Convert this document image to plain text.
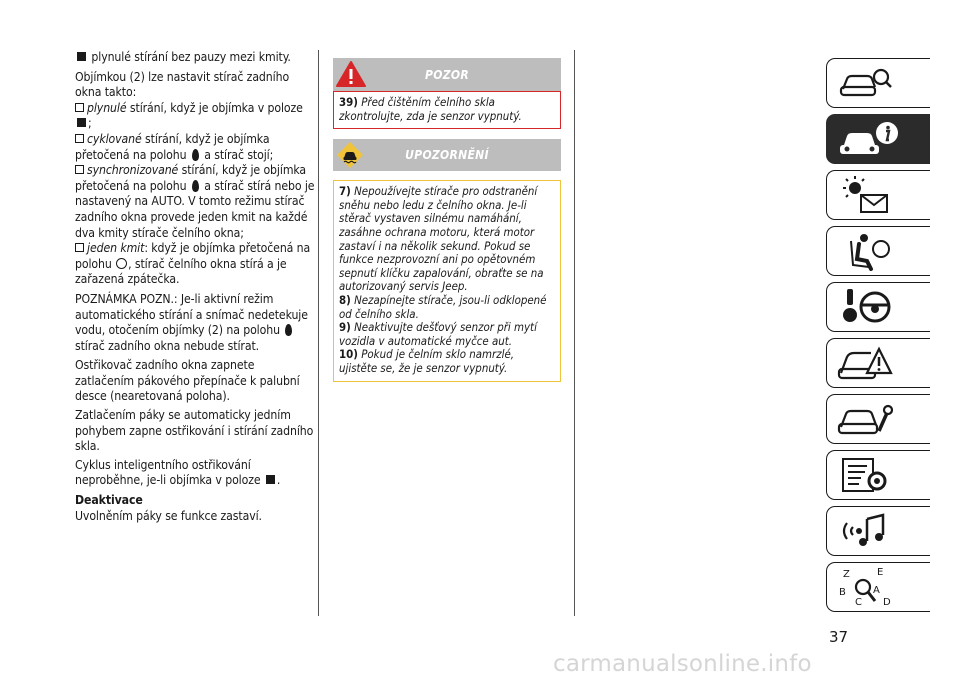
plynulé stírání bez pauzy mezi kmity.

Objímkou (2) lze nastavit stírač zadního okna takto:

plynulé stírání, když je objímka v poloze ;

cyklované stírání, když je objímka přetočená na polohu  a stírač stojí;

synchronizované stírání, když je objímka přetočená na polohu  a stírač stírá nebo je nastavený na AUTO. V tomto režimu stírač zadního okna provede jeden kmit na každé dva kmity stírače čelního okna;

jeden kmit: když je objímka přetočená na polohu , stírač čelního okna stírá a je zařazená zpátečka.

POZNÁMKA POZN.: Je-li aktivní režim automatického stírání a snímač nedetekuje vodu, otočením objímky (2) na polohu  stírač zadního okna nebude stírat.

Ostřikovač zadního okna zapnete zatlačením pákového přepínače k palubní desce (nearetovaná poloha).

Zatlačením páky se automaticky jedním pohybem zapne ostřikování i stírání zadního skla.

Cyklus inteligentního ostřikování neproběhne, je-li objímka v poloze .

Deaktivace

Uvolněním páky se funkce zastaví.

POZOR
39) Před čištěním čelního skla zkontrolujte, zda je senzor vypnutý.
UPOZORNĚNÍ
7) Nepoužívejte stírače pro odstranění sněhu nebo ledu z čelního okna. Je-li stěrač vystaven silnému namáhání, zasáhne ochrana motoru, která motor zastaví i na několik sekund. Pokud se funkce nezprovozní ani po opětovném sepnutí klíčku zapalování, obraťte se na autorizovaný servis Jeep.
8) Nezapínejte stírače, jsou-li odklopené od čelního skla.
9) Neaktivujte dešťový senzor při mytí vozidla v automatické myčce aut.
10) Pokud je čelním sklo namrzlé, ujistěte se, že je senzor vypnutý.
Z	E
B	A
C D
37
carmanualsonline.info
